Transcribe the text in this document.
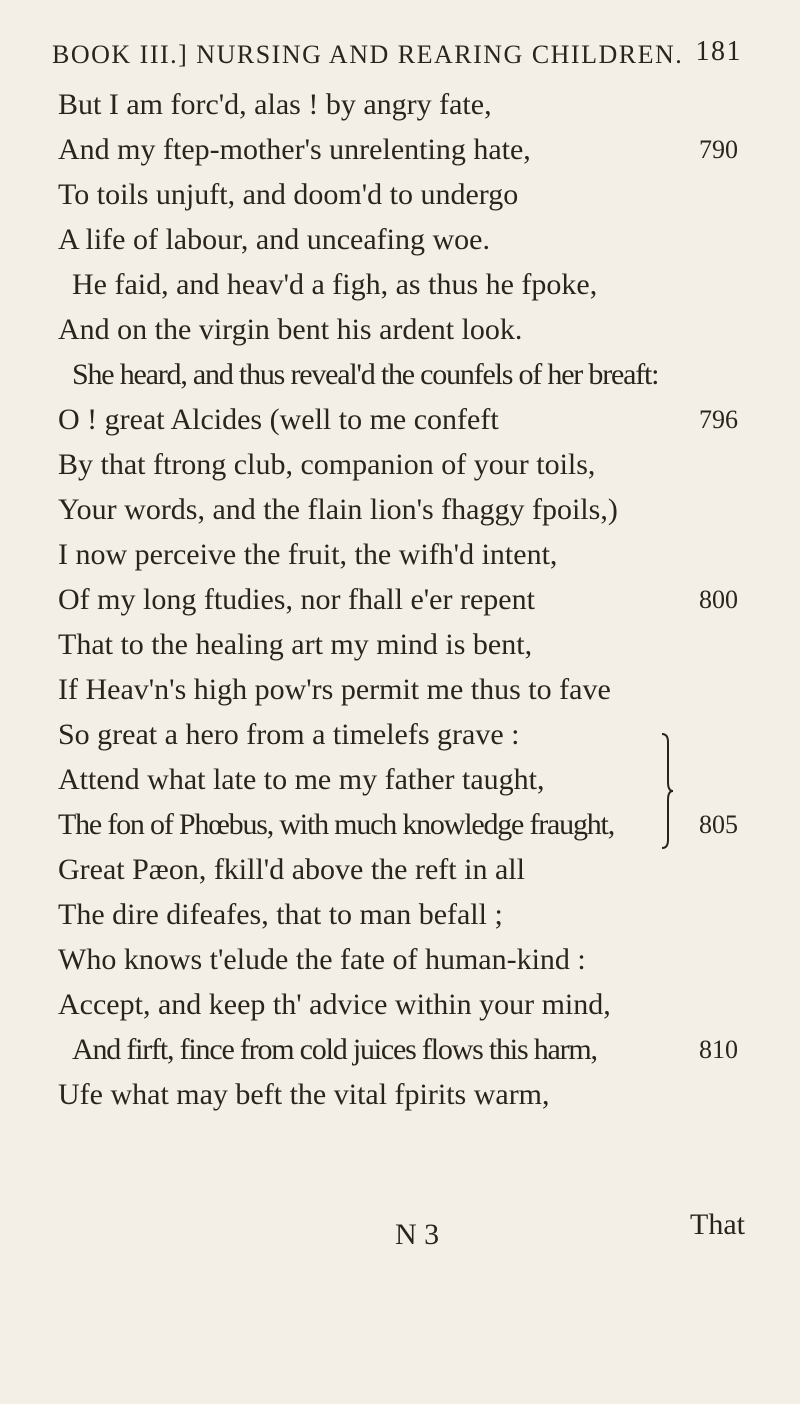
BOOK III.] NURSING AND REARING CHILDREN. 181
But I am forc'd, alas ! by angry fate,
And my ftep-mother's unrelenting hate,	790
To toils unjuft, and doom'd to undergo
A life of labour, and unceafing woe.
He faid, and heav'd a figh, as thus he fpoke,
And on the virgin bent his ardent look.
She heard, and thus reveal'd the counfels of her breaft:
O ! great Alcides (well to me confeft	796
By that ftrong club, companion of your toils,
Your words, and the flain lion's fhaggy fpoils,)
I now perceive the fruit, the wifh'd intent,
Of my long ftudies, nor fhall e'er repent	800
That to the healing art my mind is bent,
If Heav'n's high pow'rs permit me thus to fave
So great a hero from a timelefs grave :
Attend what late to me my father taught,
The fon of Phœbus, with much knowledge fraught,	805
Great Pæon, fkill'd above the reft in all
The dire difeafes, that to man befall ;
Who knows t'elude the fate of human-kind :
Accept, and keep th' advice within your mind,
And firft, fince from cold juices flows this harm,	810
Ufe what may beft the vital fpirits warm,
N 3	That
